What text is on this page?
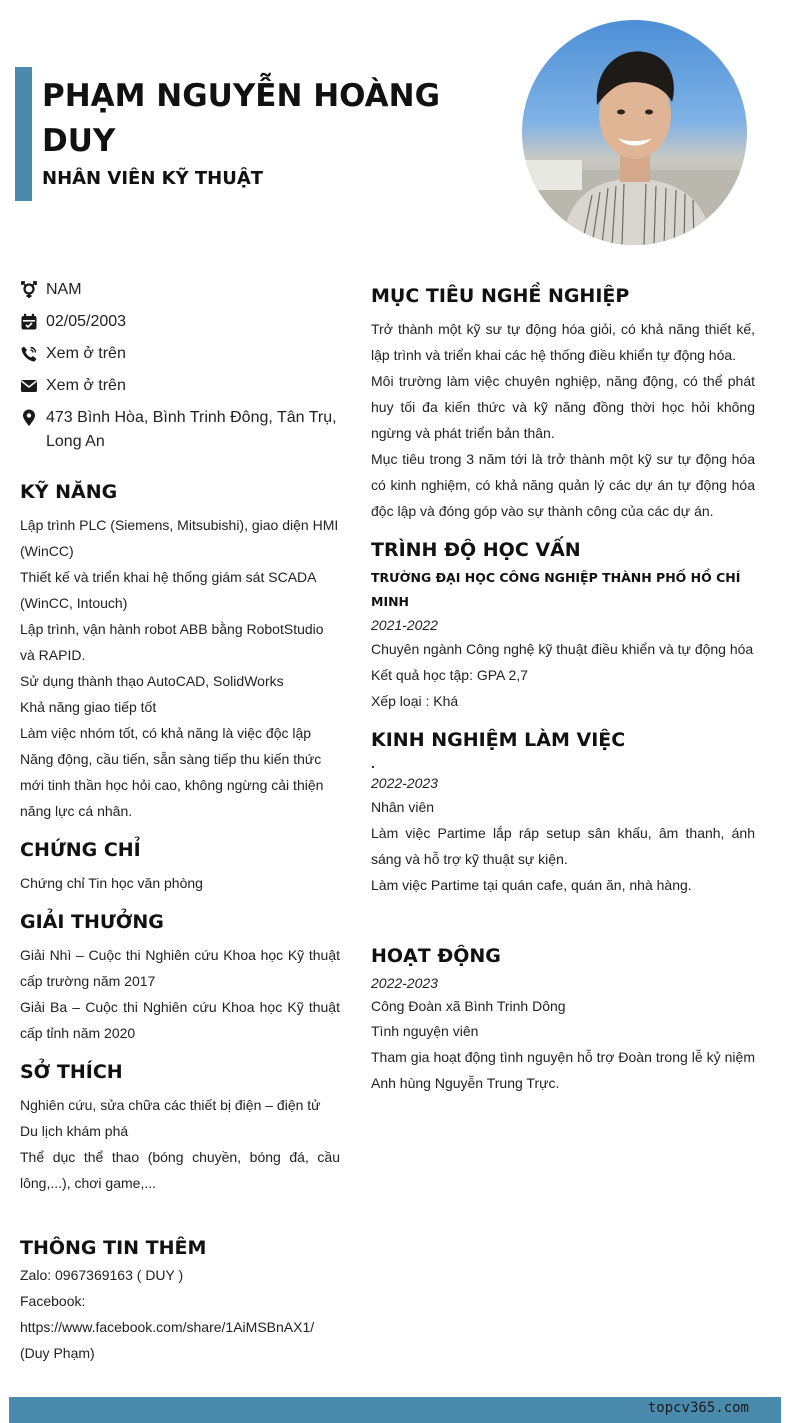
PHẠM NGUYỄN HOÀNG DUY
NHÂN VIÊN KỸ THUẬT
NAM
02/05/2003
Xem ở trên
Xem ở trên
473 Bình Hòa, Bình Trinh Đông, Tân Trụ, Long An
KỸ NĂNG

Lập trình PLC (Siemens, Mitsubishi), giao diện HMI (WinCC)

Thiết kế và triển khai hệ thống giám sát SCADA (WinCC, Intouch)

Lập trình, vận hành robot ABB bằng RobotStudio và RAPID.

Sử dụng thành thạo AutoCAD, SolidWorks

Khả năng giao tiếp tốt

Làm việc nhóm tốt, có khả năng là việc độc lập

Năng động, cầu tiến, sẵn sàng tiếp thu kiến thức mới tinh thần học hỏi cao, không ngừng cải thiện năng lực cá nhân.

CHỨNG CHỈ

Chứng chỉ Tin học văn phòng

GIẢI THƯỞNG

Giải Nhì – Cuộc thi Nghiên cứu Khoa học Kỹ thuật cấp trường năm 2017

Giải Ba – Cuộc thi Nghiên cứu Khoa học Kỹ thuật cấp tỉnh năm 2020

SỞ THÍCH

Nghiên cứu, sửa chữa các thiết bị điện – điện tử

Du lịch khám phá

Thể dục thể thao (bóng chuyền, bóng đá, cầu lông,...), chơi game,...

THÔNG TIN THÊM

Zalo: 0967369163 ( DUY )

Facebook:

https://www.facebook.com/share/1AiMSBnAX1/

(Duy Phạm)

MỤC TIÊU NGHỀ NGHIỆP

Trở thành một kỹ sư tự động hóa giỏi, có khả năng thiết kế, lập trình và triển khai các hệ thống điều khiển tự động hóa.

Môi trường làm việc chuyên nghiệp, năng động, có thể phát huy tối đa kiến thức và kỹ năng đồng thời học hỏi không ngừng và phát triển bản thân.

Mục tiêu trong 3 năm tới là trở thành một kỹ sư tự động hóa có kinh nghiệm, có khả năng quản lý các dự án tự động hóa độc lập và đóng góp vào sự thành công của các dự án.

TRÌNH ĐỘ HỌC VẤN

TRƯỜNG ĐẠI HỌC CÔNG NGHIỆP THÀNH PHỐ HỒ CHÍ MINH

2021-2022

Chuyên ngành Công nghệ kỹ thuật điều khiển và tự động hóa

Kết quả học tập: GPA 2,7

Xếp loại : Khá

KINH NGHIỆM LÀM VIỆC

.

2022-2023

Nhân viên

Làm việc Partime lắp ráp setup sân khấu, âm thanh, ánh sáng và hỗ trợ kỹ thuật sự kiện.

Làm việc Partime tại quán cafe, quán ăn, nhà hàng.

HOẠT ĐỘNG

2022-2023

Công Đoàn xã Bình Trinh Dông

Tình nguyện viên

Tham gia hoạt động tình nguyện hỗ trợ Đoàn trong lễ kỷ niệm Anh hùng Nguyễn Trung Trực.

topcv365.com
